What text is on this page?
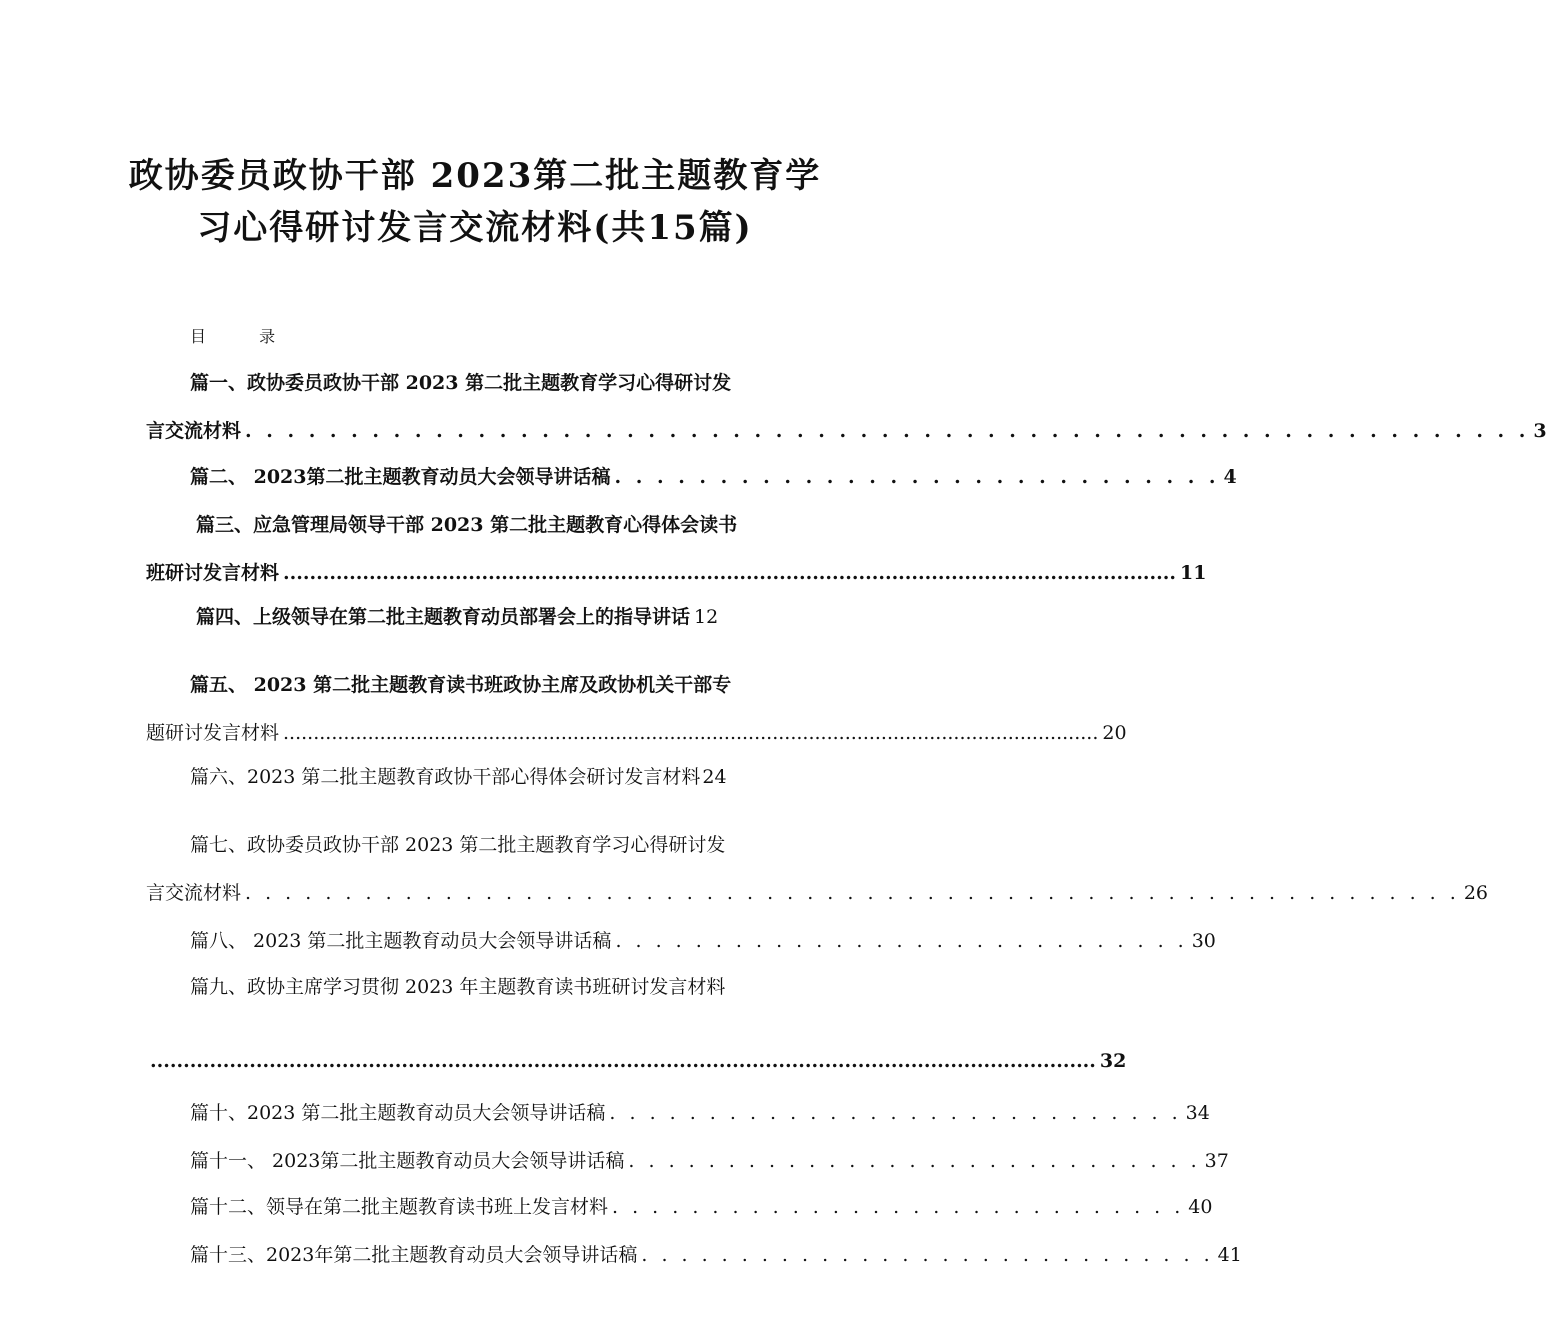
政协委员政协干部 2023第二批主题教育学
习心得研讨发言交流材料(共15篇)
目 录
篇一、政协委员政协干部 2023 第二批主题教育学习心得研讨发
言交流材料 . . . . . . . . . . . . . . . . . . . . . . . . . . . . . . . . . . . . . . . . . . . . . . . . . . . . . . . . . . . . . 3
篇二、 2023第二批主题教育动员大会领导讲话稿 . . . . . . . . . . . . . . . . . . . . . . . . . . . . . 4
篇三、应急管理局领导干部 2023 第二批主题教育心得体会读书
班研讨发言材料 ....................................................................................................................................... 11
篇四、上级领导在第二批主题教育动员部署会上的指导讲话 12
篇五、 2023 第二批主题教育读书班政协主席及政协机关干部专
题研讨发言材料 ....................................................................................................................................... 20
篇六、2023 第二批主题教育政协干部心得体会研讨发言材料 24
篇七、政协委员政协干部 2023 第二批主题教育学习心得研讨发
言交流材料 . . . . . . . . . . . . . . . . . . . . . . . . . . . . . . . . . . . . . . . . . . . . . . . . . . . . . . . . . . . . . 26
篇八、 2023 第二批主题教育动员大会领导讲话稿 . . . . . . . . . . . . . . . . . . . . . . . . . . . . . 30
篇九、政协主席学习贯彻 2023 年主题教育读书班研讨发言材料
............................................................................................................................................... 32
篇十、2023 第二批主题教育动员大会领导讲话稿 . . . . . . . . . . . . . . . . . . . . . . . . . . . . . 34
篇十一、 2023第二批主题教育动员大会领导讲话稿 . . . . . . . . . . . . . . . . . . . . . . . . . . . . . 37
篇十二、领导在第二批主题教育读书班上发言材料 . . . . . . . . . . . . . . . . . . . . . . . . . . . . . 40
篇十三、2023年第二批主题教育动员大会领导讲话稿 . . . . . . . . . . . . . . . . . . . . . . . . . . . . . 41
